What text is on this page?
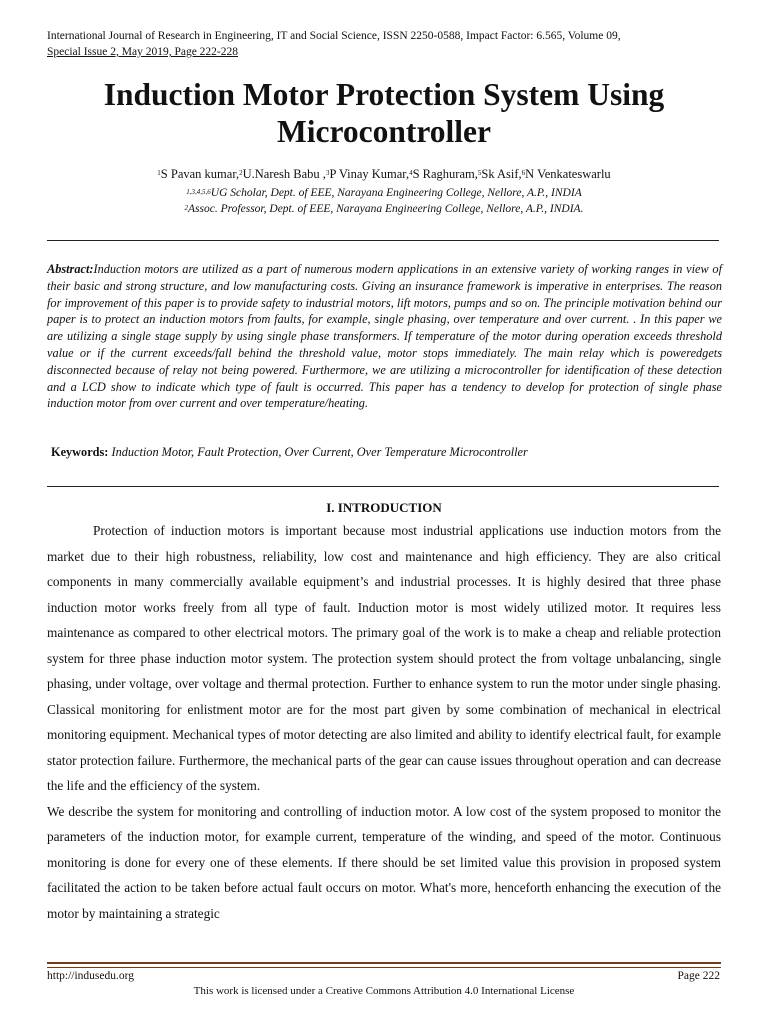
International Journal of Research in Engineering, IT and Social Science, ISSN 2250-0588, Impact Factor: 6.565, Volume 09,
Special Issue 2, May 2019, Page 222-228
Induction Motor Protection System Using Microcontroller
$^1$S Pavan kumar,$^2$U.Naresh Babu ,$^3$P Vinay Kumar,$^4$S Raghuram,$^5$Sk Asif,$^6$N Venkateswarlu
$^{1,3,4,5,6}$UG Scholar, Dept. of EEE, Narayana Engineering College, Nellore, A.P., INDIA
$^2$Assoc. Professor, Dept. of EEE, Narayana Engineering College, Nellore, A.P., INDIA.
Abstract:Induction motors are utilized as a part of numerous modern applications in an extensive variety of working ranges in view of their basic and strong structure, and low manufacturing costs. Giving an insurance framework is imperative in enterprises. The reason for improvement of this paper is to provide safety to industrial motors, lift motors, pumps and so on. The principle motivation behind our paper is to protect an induction motors from faults, for example, single phasing, over temperature and over current. . In this paper we are utilizing a single stage supply by using single phase transformers. If temperature of the motor during operation exceeds threshold value or if the current exceeds/fall behind the threshold value, motor stops immediately. The main relay which is poweredgets disconnected because of relay not being powered. Furthermore, we are utilizing a microcontroller for identification of these detection and a LCD show to indicate which type of fault is occurred. This paper has a tendency to develop for protection of single phase induction motor from over current and over temperature/heating.
Keywords: Induction Motor, Fault Protection, Over Current, Over Temperature Microcontroller
I. INTRODUCTION

Protection of induction motors is important because most industrial applications use induction motors from the market due to their high robustness, reliability, low cost and maintenance and high efficiency. They are also critical components in many commercially available equipment’s and industrial processes. It is highly desired that three phase induction motor works freely from all type of fault. Induction motor is most widely utilized motor. It requires less maintenance as compared to other electrical motors. The primary goal of the work is to make a cheap and reliable protection system for three phase induction motor system. The protection system should protect the from voltage unbalancing, single phasing, under voltage, over voltage and thermal protection. Further to enhance system to run the motor under single phasing. Classical monitoring for enlistment motor are for the most part given by some combination of mechanical in electrical monitoring equipment. Mechanical types of motor detecting are also limited and ability to identify electrical fault, for example stator protection failure. Furthermore, the mechanical parts of the gear can cause issues throughout operation and can decrease the life and the efficiency of the system.

We describe the system for monitoring and controlling of induction motor. A low cost of the system proposed to monitor the parameters of the induction motor, for example current, temperature of the winding, and speed of the motor. Continuous monitoring is done for every one of these elements. If there should be set limited value this provision in proposed system facilitated the action to be taken before actual fault occurs on motor. What's more, henceforth enhancing the execution of the motor by maintaining a strategic

http://indusedu.org	Page 222
This work is licensed under a Creative Commons Attribution 4.0 International License
